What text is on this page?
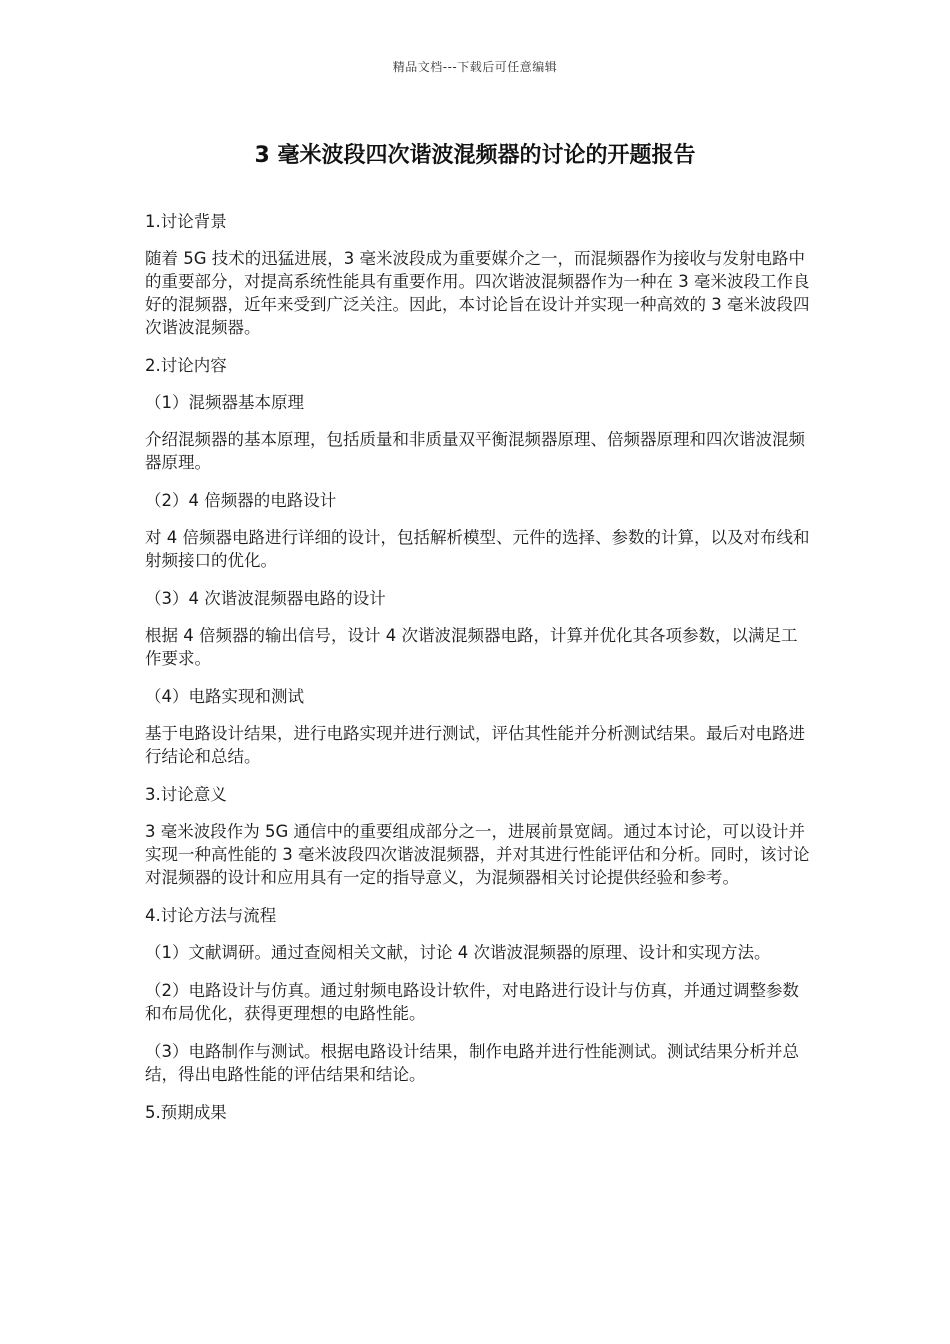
精品文档---下载后可任意编辑
3 毫米波段四次谐波混频器的讨论的开题报告

1.讨论背景

随着 5G 技术的迅猛进展，3 毫米波段成为重要媒介之一，而混频器作为接收与发射电路中的重要部分，对提高系统性能具有重要作用。四次谐波混频器作为一种在 3 毫米波段工作良好的混频器，近年来受到广泛关注。因此，本讨论旨在设计并实现一种高效的 3 毫米波段四次谐波混频器。

2.讨论内容

（1）混频器基本原理

介绍混频器的基本原理，包括质量和非质量双平衡混频器原理、倍频器原理和四次谐波混频器原理。

（2）4 倍频器的电路设计

对 4 倍频器电路进行详细的设计，包括解析模型、元件的选择、参数的计算，以及对布线和射频接口的优化。

（3）4 次谐波混频器电路的设计

根据 4 倍频器的输出信号，设计 4 次谐波混频器电路，计算并优化其各项参数，以满足工作要求。

（4）电路实现和测试

基于电路设计结果，进行电路实现并进行测试，评估其性能并分析测试结果。最后对电路进行结论和总结。

3.讨论意义

3 毫米波段作为 5G 通信中的重要组成部分之一，进展前景宽阔。通过本讨论，可以设计并实现一种高性能的 3 毫米波段四次谐波混频器，并对其进行性能评估和分析。同时，该讨论对混频器的设计和应用具有一定的指导意义，为混频器相关讨论提供经验和参考。

4.讨论方法与流程

（1）文献调研。通过查阅相关文献，讨论 4 次谐波混频器的原理、设计和实现方法。

（2）电路设计与仿真。通过射频电路设计软件，对电路进行设计与仿真，并通过调整参数和布局优化，获得更理想的电路性能。

（3）电路制作与测试。根据电路设计结果，制作电路并进行性能测试。测试结果分析并总结，得出电路性能的评估结果和结论。

5.预期成果
